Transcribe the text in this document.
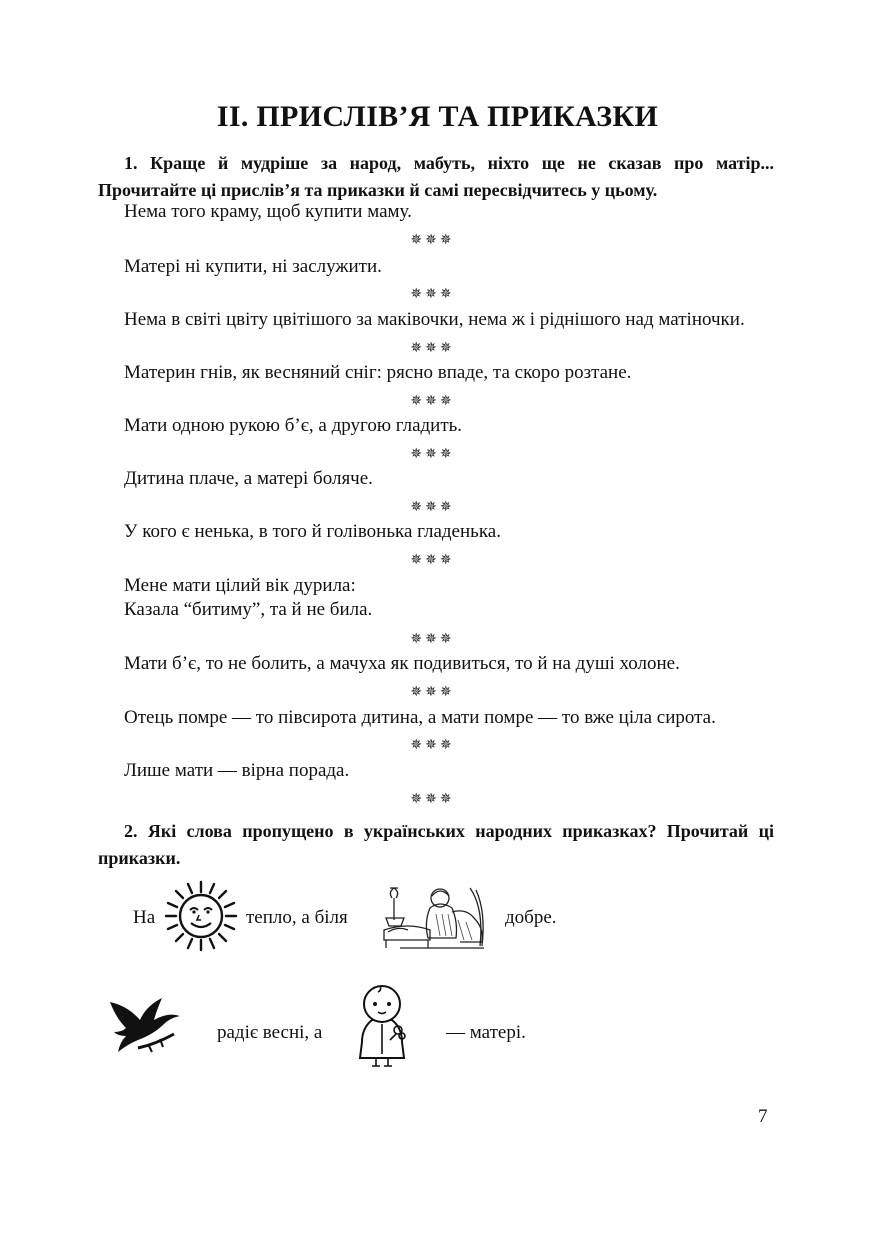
II. ПРИСЛІВ’Я ТА ПРИКАЗКИ
1. Краще й мудріше за народ, мабуть, ніхто ще не сказав про матір... Прочитайте ці прислів’я та приказки й самі пересвідчитесь у цьому.
Нема того краму, щоб купити маму.
✵✵✵
Матері ні купити, ні заслужити.
✵✵✵
Нема в світі цвіту цвітішого за маківочки, нема ж і ріднішого над матіночки.
✵✵✵
Материн гнів, як весняний сніг: рясно впаде, та скоро розтане.
✵✵✵
Мати одною рукою б’є, а другою гладить.
✵✵✵
Дитина плаче, а матері боляче.
✵✵✵
У кого є ненька, в того й голівонька гладенька.
✵✵✵
Мене мати цілий вік дурила:
Казала “битиму”, та й не била.
✵✵✵
Мати б’є, то не болить, а мачуха як подивиться, то й на душі холоне.
✵✵✵
Отець помре — то півсирота дитина, а мати помре — то вже ціла сирота.
✵✵✵
Лише мати — вірна порада.
✵✵✵
2. Які слова пропущено в українських народних приказках? Прочитай ці приказки.
На	тепло, а біля	добре.
радіє весні, а	— матері.
7
